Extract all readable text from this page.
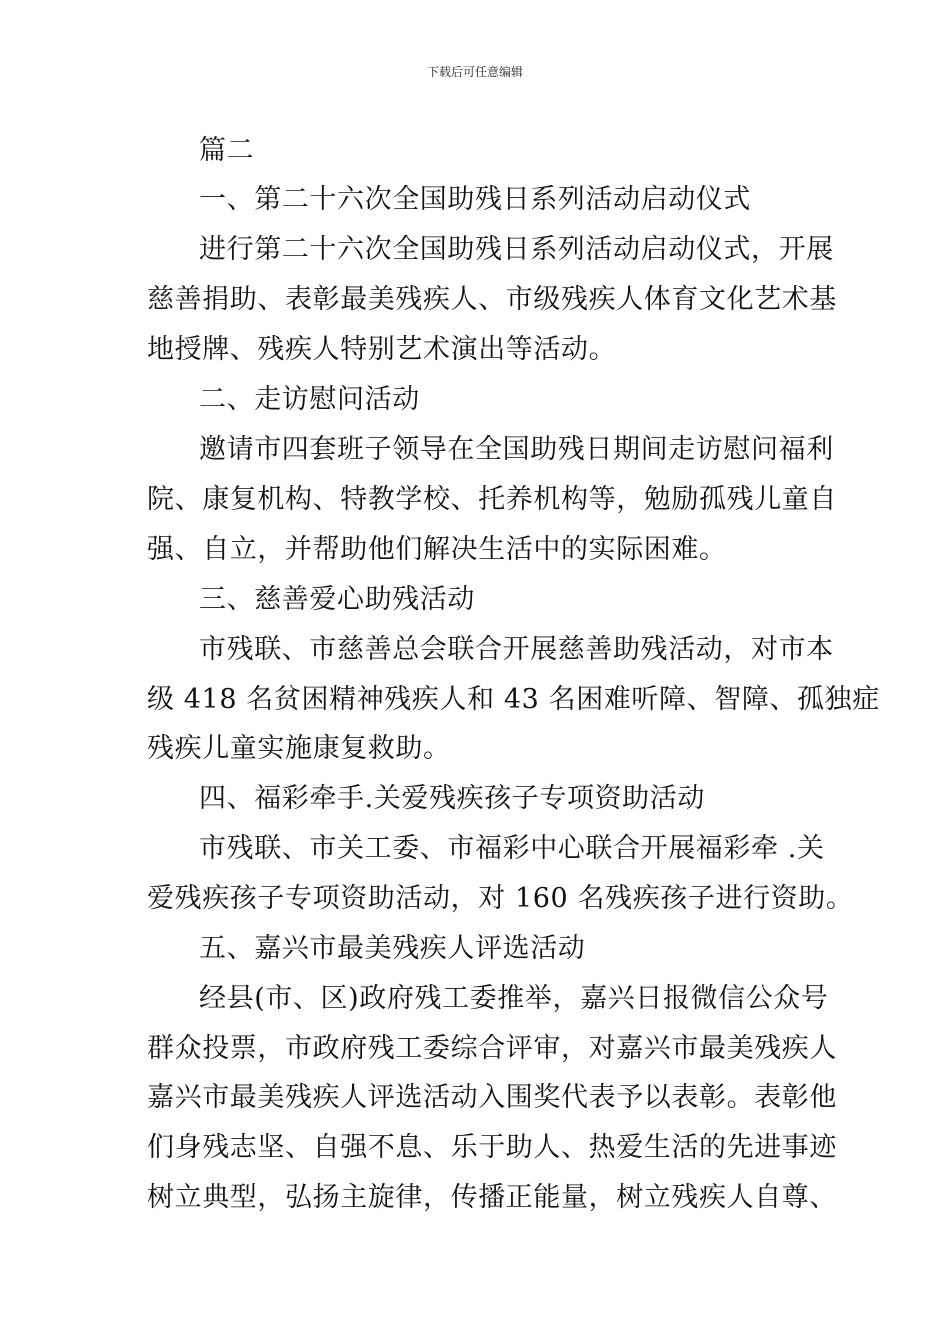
下载后可任意编辑
篇二
一、第二十六次全国助残日系列活动启动仪式
进行第二十六次全国助残日系列活动启动仪式，开展
慈善捐助、表彰最美残疾人、市级残疾人体育文化艺术基
地授牌、残疾人特别艺术演出等活动。
二、走访慰问活动
邀请市四套班子领导在全国助残日期间走访慰问福利
院、康复机构、特教学校、托养机构等，勉励孤残儿童自
强、自立，并帮助他们解决生活中的实际困难。
三、慈善爱心助残活动
市残联、市慈善总会联合开展慈善助残活动，对市本
级 418 名贫困精神残疾人和 43 名困难听障、智障、孤独症
残疾儿童实施康复救助。
四、福彩牵手.关爱残疾孩子专项资助活动
市残联、市关工委、市福彩中心联合开展福彩牵 .关
爱残疾孩子专项资助活动，对 160 名残疾孩子进行资助。
五、嘉兴市最美残疾人评选活动
经县(市、区)政府残工委推举，嘉兴日报微信公众号
群众投票，市政府残工委综合评审，对嘉兴市最美残疾人
嘉兴市最美残疾人评选活动入围奖代表予以表彰。表彰他
们身残志坚、自强不息、乐于助人、热爱生活的先进事迹
树立典型，弘扬主旋律，传播正能量，树立残疾人自尊、
